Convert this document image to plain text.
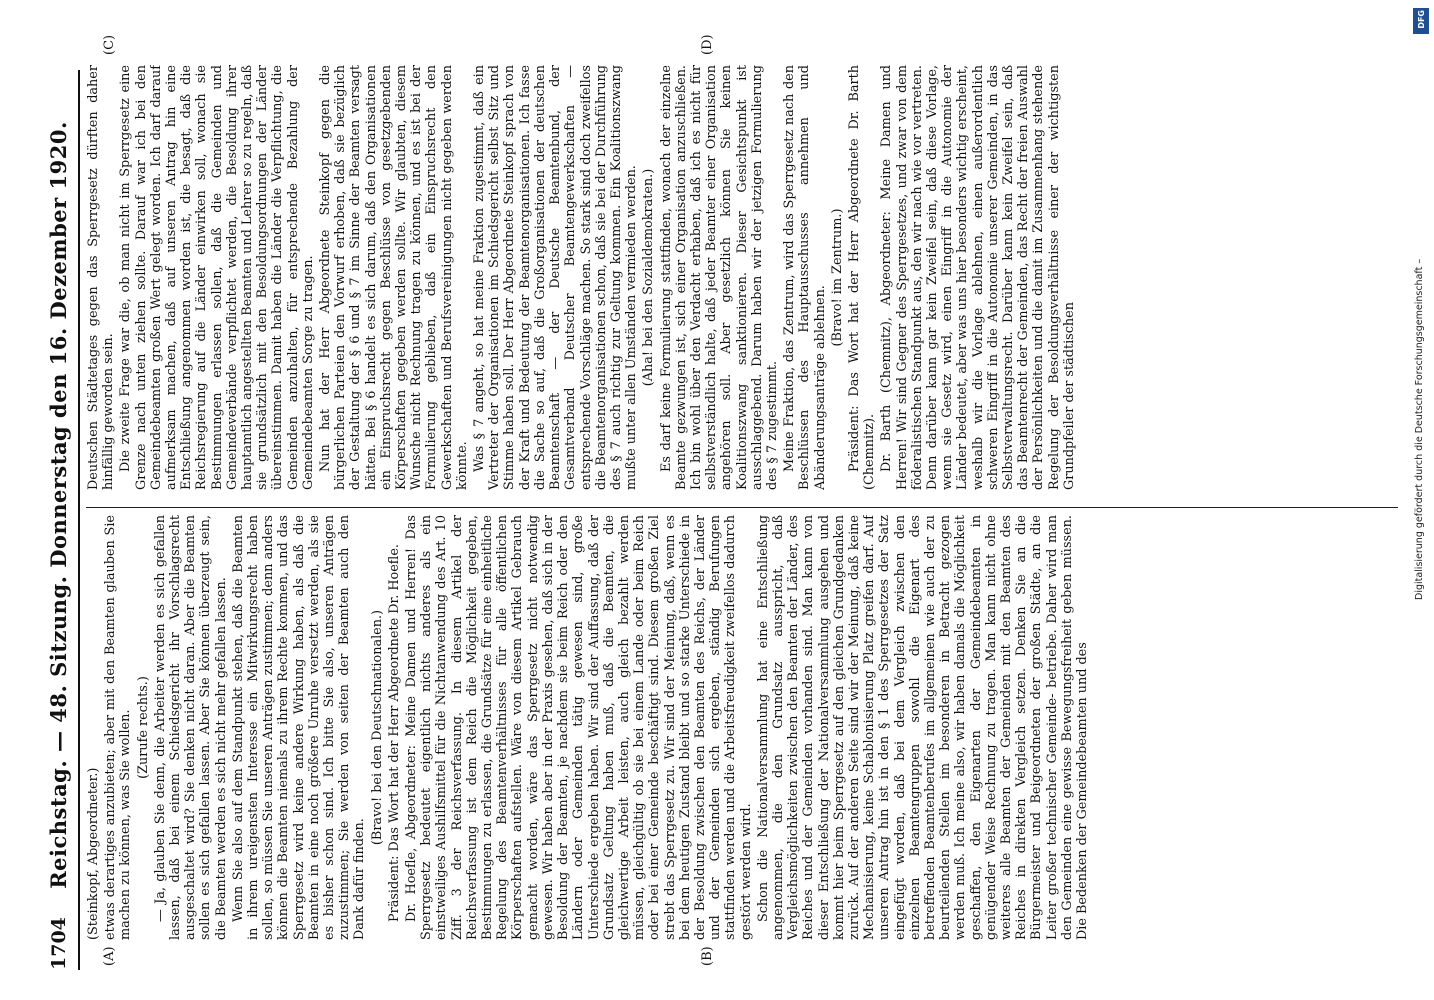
1704
Reichstag. — 48. Sitzung. Donnerstag den 16. Dezember 1920.
(A)	(B)
(C)	(D)

(Steinkopf, Abgeordneter.) etwas derartiges anzubieten; aber mit den Beamten glauben Sie machen zu können, was Sie wollen. (Zurufe rechts.) — Ja, glauben Sie denn, die Arbeiter werden es sich gefallen lassen, daß bei einem Schiedsgericht ihr Vorschlagsrecht ausgeschaltet wird? Sie denken nicht daran. Aber die Beamten sollen es sich gefallen lassen. Aber Sie können überzeugt sein, die Beamten werden es sich nicht mehr gefallen lassen. Wenn Sie also auf dem Standpunkt stehen, daß die Beamten in ihrem ureigensten Interesse ein Mitwirkungsrecht haben sollen, so müssen Sie unseren Anträgen zustimmen; denn anders können die Beamten niemals zu ihrem Rechte kommen, und das Sperrgesetz wird keine andere Wirkung haben, als daß die Beamten in eine noch größere Unruhe versetzt werden, als sie es bisher schon sind. Ich bitte Sie also, unseren Anträgen zuzustimmen; Sie werden von seiten der Beamten auch den Dank dafür finden.

(Bravo! bei den Deutschnationalen.) Präsident: Das Wort hat der Herr Abgeordnete Dr. Hoefle. Dr. Hoefle, Abgeordneter: Meine Damen und Herren! Das Sperrgesetz bedeutet eigentlich nichts anderes als ein einstweiliges Aushilfsmittel für die Nichtanwendung des Art. 10 Ziff. 3 der Reichsverfassung. In diesem Artikel der Reichsverfassung ist dem Reich die Möglichkeit gegeben, Bestimmungen zu erlassen, die Grundsätze für eine einheitliche Regelung des Beamtenverhältnisses für alle öffentlichen Körperschaften aufstellen. Wäre von diesem Artikel Gebrauch gemacht worden, wäre das Sperrgesetz nicht notwendig gewesen. Wir haben aber in der Praxis gesehen, daß sich in der Besoldung der Beamten, je nachdem sie beim Reich oder den Ländern oder Gemeinden tätig gewesen sind, große Unterschiede ergeben haben. Wir sind der Auffassung, daß der Grundsatz Geltung haben muß, daß die Beamten, die gleichwertige Arbeit leisten, auch gleich bezahlt werden müssen, gleichgültig ob sie bei einem Lande oder beim Reich oder bei einer Gemeinde beschäftigt sind. Diesem großen Ziel strebt das Sperrgesetz zu. Wir sind der Meinung, daß, wenn es bei dem heutigen Zustand bleibt und so starke Unterschiede in der Besoldung zwischen den Beamten des Reichs, der Länder und der Gemeinden sich ergeben, ständig Berufungen stattfinden werden und die Arbeitsfreudigkeit zweifellos dadurch gestört werden wird. Schon die Nationalversammlung hat eine Entschließung angenommen, die den Grundsatz ausspricht, daß Vergleichsmöglichkeiten zwischen den Beamten der Länder, des Reiches und der Gemeinden vorhanden sind. Man kann von dieser Entschließung der Nationalversammlung ausgehen und kommt hier beim Sperrgesetz auf den gleichen Grundgedanken zurück. Auf der anderen Seite sind wir der Meinung, daß keine Mechanisierung, keine Schablonisierung Platz greifen darf. Auf unseren Antrag hin ist in den § 1 des Sperrgesetzes der Satz eingefügt worden, daß bei dem Vergleich zwischen den einzelnen Beamtengruppen sowohl die Eigenart des betreffenden Beamtenberufes im allgemeinen wie auch der zu beurteilenden Stellen im besonderen in Betracht gezogen werden muß. Ich meine also, wir haben damals die Möglichkeit geschaffen, den Eigenarten der Gemeindebeamten in genügender Weise Rechnung zu tragen. Man kann nicht ohne weiteres alle Beamten der Gemeinden mit den Beamten des Reiches in direkten Vergleich setzen. Denken Sie an die Bürgermeister und Beigeordneten der großen Städte, an die Leiter großer technischer Gemeinde- betriebe. Daher wird man den Gemeinden eine gewisse Bewegungsfreiheit geben müssen. Die Bedenken der Gemeindebeamten und des

Deutschen Städtetages gegen das Sperrgesetz dürften daher hinfällig geworden sein. Die zweite Frage war die, ob man nicht im Sperrgesetz eine Grenze nach unten ziehen sollte. Darauf war ich bei den Gemeindebeamten großen Wert gelegt worden. Ich darf darauf aufmerksam machen, daß auf unseren Antrag hin eine Entschließung angenommen worden ist, die besagt, daß die Reichsregierung auf die Länder einwirken soll, wonach sie Bestimmungen erlassen sollen, daß die Gemeinden und Gemeindeverbände verpflichtet werden, die Besoldung ihrer hauptamtlich angestellten Beamten und Lehrer so zu regeln, daß sie grundsätzlich mit den Besoldungsordnungen der Länder übereinstimmen. Damit haben die Länder die Verpflichtung, die Gemeinden anzuhalten, für entsprechende Bezahlung der Gemeindebeamten Sorge zu tragen. Nun hat der Herr Abgeordnete Steinkopf gegen die bürgerlichen Parteien den Vorwurf erhoben, daß sie bezüglich der Gestaltung der § 6 und § 7 im Sinne der Beamten versagt hätten. Bei § 6 handelt es sich darum, daß den Organisationen ein Einspruchsrecht gegen Beschlüsse von gesetzgebenden Körperschaften gegeben werden sollte. Wir glaubten, diesem Wunsche nicht Rechnung tragen zu können, und es ist bei der Formulierung geblieben, daß ein Einspruchsrecht den Gewerkschaften und Berufsvereinigungen nicht gegeben werden könnte. Was § 7 angeht, so hat meine Fraktion zugestimmt, daß ein Vertreter der Organisationen im Schiedsgericht selbst Sitz und Stimme haben soll. Der Herr Abgeordnete Steinkopf sprach von der Kraft und Bedeutung der Beamtenorganisationen. Ich fasse die Sache so auf, daß die Großorganisationen der deutschen Beamtenschaft — der Deutsche Beamtenbund, der Gesamtverband Deutscher Beamtengewerkschaften — entsprechende Vorschläge machen. So stark sind doch zweifellos die Beamtenorganisationen schon, daß sie bei der Durchführung des § 7 auch richtig zur Geltung kommen. Ein Koalitionszwang mußte unter allen Umständen vermieden werden. (Aha! bei den Sozialdemokraten.) Es darf keine Formulierung stattfinden, wonach der einzelne Beamte gezwungen ist, sich einer Organisation anzuschließen. Ich bin wohl über den Verdacht erhaben, daß ich es nicht für selbstverständlich halte, daß jeder Beamter einer Organisation angehören soll. Aber gesetzlich können Sie keinen Koalitionszwang sanktionieren. Dieser Gesichtspunkt ist ausschlaggebend. Darum haben wir der jetzigen Formulierung des § 7 zugestimmt. Meine Fraktion, das Zentrum, wird das Sperrgesetz nach den Beschlüssen des Hauptausschusses annehmen und Abänderungsanträge ablehnen.

(Bravo! im Zentrum.) Präsident: Das Wort hat der Herr Abgeordnete Dr. Barth (Chemnitz). Dr. Barth (Chemnitz), Abgeordneter: Meine Damen und Herren! Wir sind Gegner des Sperrgesetzes, und zwar von dem föderalistischen Standpunkt aus, den wir nach wie vor vertreten. Denn darüber kann gar kein Zweifel sein, daß diese Vorlage, wenn sie Gesetz wird, einen Eingriff in die Autonomie der Länder bedeutet, aber was uns hier besonders wichtig erscheint, weshalb wir die Vorlage ablehnen, einen außerordentlich schweren Eingriff in die Autonomie unserer Gemeinden, in das Selbstverwaltungsrecht. Darüber kann kein Zweifel sein, daß das Beamtenrecht der Gemeinden, das Recht der freien Auswahl der Persönlichkeiten und die damit im Zusammenhang stehende Regelung der Besoldungsverhältnisse einer der wichtigsten Grundpfeiler der städtischen	Digitalisierung gefördert durch die Deutsche Forschungsgemeinschaft –
DFG
